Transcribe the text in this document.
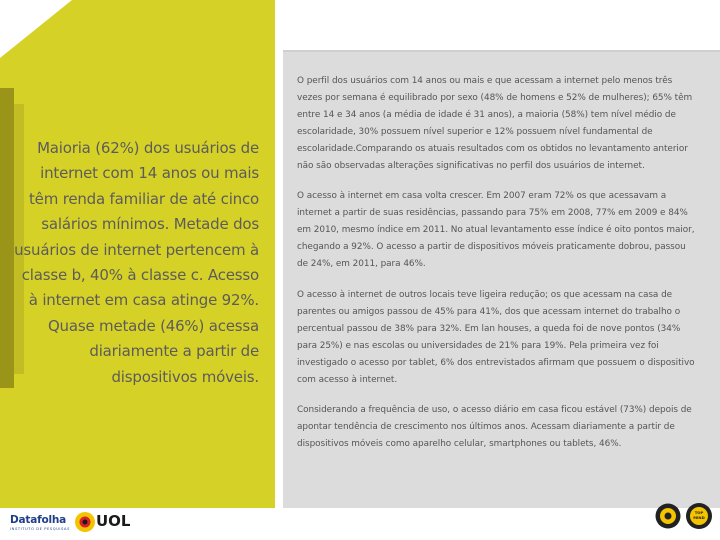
Maioria (62%) dos usuários de internet com 14 anos ou mais têm renda familiar de até cinco salários mínimos. Metade dos usuários de internet pertencem à classe b, 40% à classe c. Acesso à internet em casa atinge 92%. Quase metade (46%) acessa diariamente a partir de dispositivos móveis.

O perfil dos usuários com 14 anos ou mais e que acessam a internet pelo menos três vezes por semana é equilibrado por sexo (48% de homens e 52% de mulheres); 65% têm entre 14 e 34 anos (a média de idade é 31 anos), a maioria (58%) tem nível médio de escolaridade, 30% possuem nível superior e 12% possuem nível fundamental de escolaridade.Comparando os atuais resultados com os obtidos no levantamento anterior não são observadas alterações significativas no perfil dos usuários de internet.

O acesso à internet em casa volta crescer. Em 2007 eram 72% os que acessavam a internet a partir de suas residências, passando para 75% em 2008, 77% em 2009 e 84% em 2010, mesmo índice em 2011. No atual levantamento esse índice é oito pontos maior, chegando a 92%. O acesso a partir de dispositivos móveis praticamente dobrou, passou de 24%, em 2011, para 46%.

O acesso à internet de outros locais teve ligeira redução; os que acessam na casa de parentes ou amigos passou de 45% para 41%, dos que acessam internet do trabalho o percentual passou de 38% para 32%. Em lan houses, a queda foi de nove pontos (34% para 25%) e nas escolas ou universidades de 21% para 19%. Pela primeira vez foi investigado o acesso por tablet, 6% dos entrevistados afirmam que possuem o dispositivo com acesso à internet.

Considerando a frequência de uso, o acesso diário em casa ficou estável (73%) depois de apontar tendência de crescimento nos últimos anos. Acessam diariamente a partir de dispositivos móveis como aparelho celular, smartphones ou tablets, 46%.

Datafolha
INSTITUTO DE PESQUISAS UOL	TOP MIND
